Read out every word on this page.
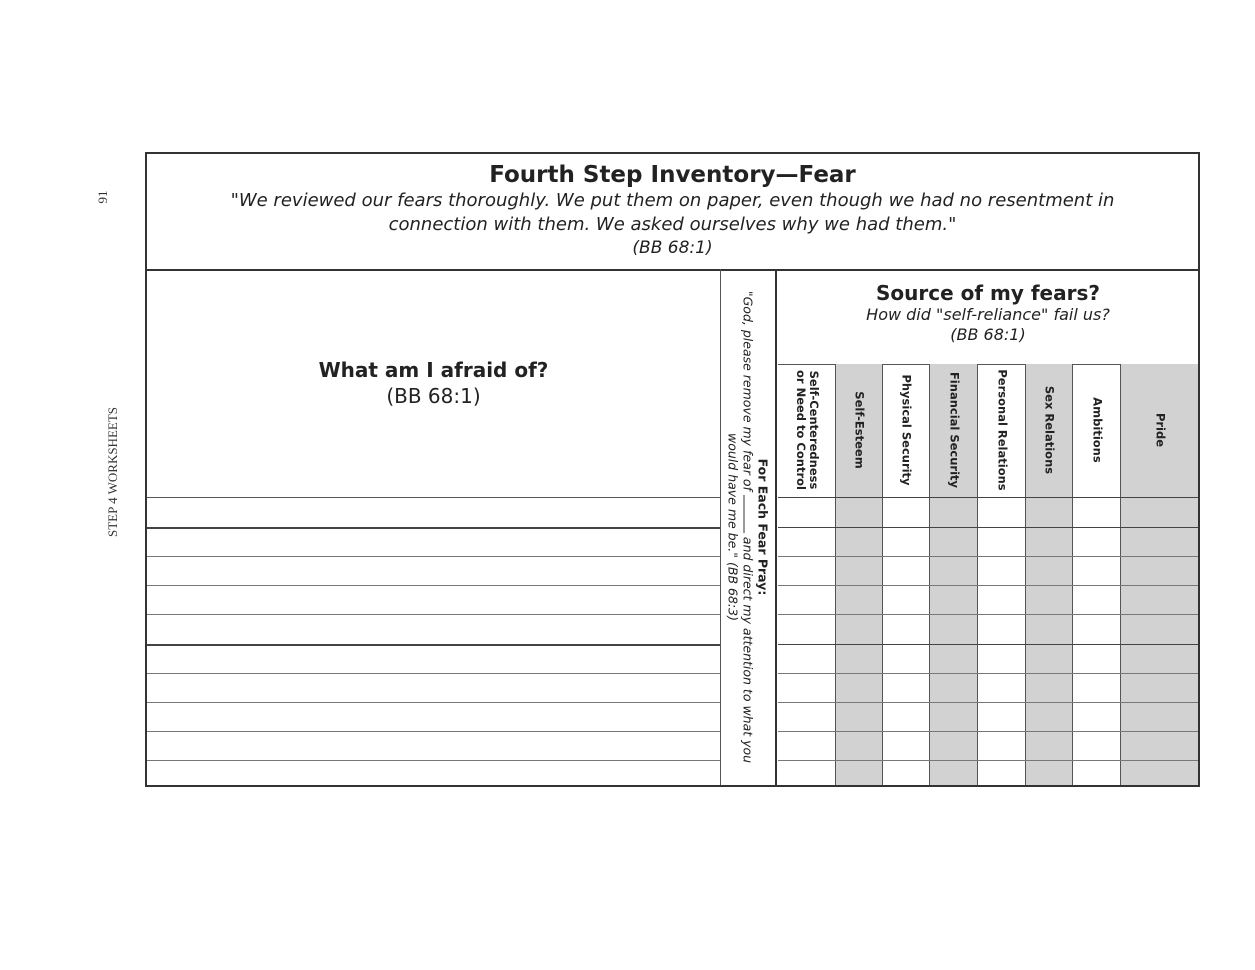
91
STEP 4 WORKSHEETS
Fourth Step Inventory—Fear
"We reviewed our fears thoroughly. We put them on paper, even though we had no resentment in
connection with them. We asked ourselves why we had them."
(BB 68:1)
What am I afraid of?
(BB 68:1)
For Each Fear Pray:
"God, please remove my fear of  and direct my attention to what you would have me be." (BB 68:3)
Source of my fears?
How did "self-reliance" fail us?
(BB 68:1)
Self-Centeredness or Need to Control	Self-Esteem	Physical Security	Financial Security	Personal Relations	Sex Relations	Ambitions	Pride
